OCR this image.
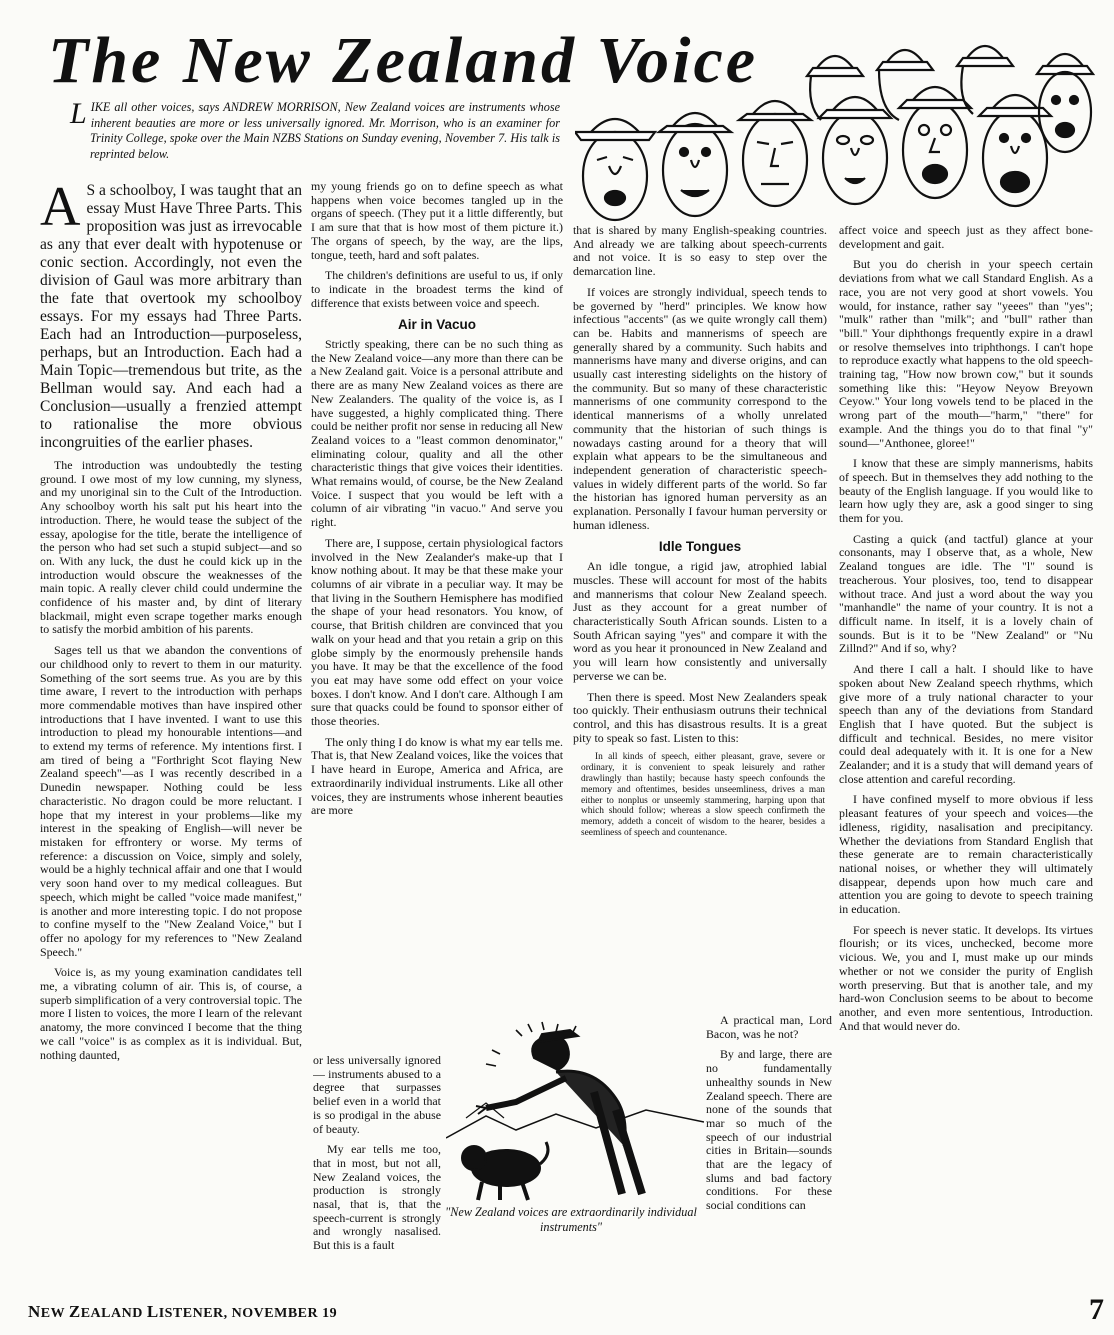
The New Zealand Voice
LIKE all other voices, says ANDREW MORRISON, New Zealand voices are instruments whose inherent beauties are more or less universally ignored. Mr. Morrison, who is an examiner for Trinity College, spoke over the Main NZBS Stations on Sunday evening, November 7. His talk is reprinted below.

A S a schoolboy, I was taught that an essay Must Have Three Parts. This proposition was just as irrevocable as any that ever dealt with hypotenuse or conic section. Accordingly, not even the division of Gaul was more arbitrary than the fate that overtook my schoolboy essays. For my essays had Three Parts. Each had an Introduction—purposeless, perhaps, but an Introduction. Each had a Main Topic—tremendous but trite, as the Bellman would say. And each had a Conclusion—usually a frenzied attempt to rationalise the more obvious incongruities of the earlier phases.

The introduction was undoubtedly the testing ground. I owe most of my low cunning, my slyness, and my unoriginal sin to the Cult of the Introduction. Any schoolboy worth his salt put his heart into the introduction. There, he would tease the subject of the essay, apologise for the title, berate the intelligence of the person who had set such a stupid subject—and so on. With any luck, the dust he could kick up in the introduction would obscure the weaknesses of the main topic. A really clever child could undermine the confidence of his master and, by dint of literary blackmail, might even scrape together marks enough to satisfy the morbid ambition of his parents.

Sages tell us that we abandon the conventions of our childhood only to revert to them in our maturity. Something of the sort seems true. As you are by this time aware, I revert to the introduction with perhaps more commendable motives than have inspired other introductions that I have invented. I want to use this introduction to plead my honourable intentions—and to extend my terms of reference. My intentions first. I am tired of being a "Forthright Scot flaying New Zealand speech"—as I was recently described in a Dunedin newspaper. Nothing could be less characteristic. No dragon could be more reluctant. I hope that my interest in your problems—like my interest in the speaking of English—will never be mistaken for effrontery or worse. My terms of reference: a discussion on Voice, simply and solely, would be a highly technical affair and one that I would very soon hand over to my medical colleagues. But speech, which might be called "voice made manifest," is another and more interesting topic. I do not propose to confine myself to the "New Zealand Voice," but I offer no apology for my references to "New Zealand Speech."

Voice is, as my young examination candidates tell me, a vibrating column of air. This is, of course, a superb simplification of a very controversial topic. The more I listen to voices, the more I learn of the relevant anatomy, the more convinced I become that the thing we call "voice" is as complex as it is individual. But, nothing daunted,

my young friends go on to define speech as what happens when voice becomes tangled up in the organs of speech. (They put it a little differently, but I am sure that that is how most of them picture it.) The organs of speech, by the way, are the lips, tongue, teeth, hard and soft palates.

The children's definitions are useful to us, if only to indicate in the broadest terms the kind of difference that exists between voice and speech.

Air in Vacuo

Strictly speaking, there can be no such thing as the New Zealand voice—any more than there can be a New Zealand gait. Voice is a personal attribute and there are as many New Zealand voices as there are New Zealanders. The quality of the voice is, as I have suggested, a highly complicated thing. There could be neither profit nor sense in reducing all New Zealand voices to a "least common denominator," eliminating colour, quality and all the other characteristic things that give voices their identities. What remains would, of course, be the New Zealand Voice. I suspect that you would be left with a column of air vibrating "in vacuo." And serve you right.

There are, I suppose, certain physiological factors involved in the New Zealander's make-up that I know nothing about. It may be that these make your columns of air vibrate in a peculiar way. It may be that living in the Southern Hemisphere has modified the shape of your head resonators. You know, of course, that British children are convinced that you walk on your head and that you retain a grip on this globe simply by the enormously prehensile hands you have. It may be that the excellence of the food you eat may have some odd effect on your voice boxes. I don't know. And I don't care. Although I am sure that quacks could be found to sponsor either of those theories.

The only thing I do know is what my ear tells me. That is, that New Zealand voices, like the voices that I have heard in Europe, America and Africa, are extraordinarily individual instruments. Like all other voices, they are instruments whose inherent beauties are more

or less universally ignored — instruments abused to a degree that surpasses belief even in a world that is so prodigal in the abuse of beauty.

My ear tells me too, that in most, but not all, New Zealand voices, the production is strongly nasal, that is, that the speech-current is strongly and wrongly nasalised. But this is a fault

that is shared by many English-speaking countries. And already we are talking about speech-currents and not voice. It is so easy to step over the demarcation line.

If voices are strongly individual, speech tends to be governed by "herd" principles. We know how infectious "accents" (as we quite wrongly call them) can be. Habits and mannerisms of speech are generally shared by a community. Such habits and mannerisms have many and diverse origins, and can usually cast interesting sidelights on the history of the community. But so many of these characteristic mannerisms of one community correspond to the identical mannerisms of a wholly unrelated community that the historian of such things is nowadays casting around for a theory that will explain what appears to be the simultaneous and independent generation of characteristic speech-values in widely different parts of the world. So far the historian has ignored human perversity as an explanation. Personally I favour human perversity or human idleness.

Idle Tongues

An idle tongue, a rigid jaw, atrophied labial muscles. These will account for most of the habits and mannerisms that colour New Zealand speech. Just as they account for a great number of characteristically South African sounds. Listen to a South African saying "yes" and compare it with the word as you hear it pronounced in New Zealand and you will learn how consistently and universally perverse we can be.

Then there is speed. Most New Zealanders speak too quickly. Their enthusiasm outruns their technical control, and this has disastrous results. It is a great pity to speak so fast. Listen to this:

In all kinds of speech, either pleasant, grave, severe or ordinary, it is convenient to speak leisurely and rather drawlingly than hastily; because hasty speech confounds the memory and oftentimes, besides unseemliness, drives a man either to nonplus or unseemly stammering, harping upon that which should follow; whereas a slow speech confirmeth the memory, addeth a conceit of wisdom to the hearer, besides a seemliness of speech and countenance.

A practical man, Lord Bacon, was he not?

By and large, there are no fundamentally unhealthy sounds in New Zealand speech. There are none of the sounds that mar so much of the speech of our industrial cities in Britain—sounds that are the legacy of slums and bad factory conditions. For these social conditions can

affect voice and speech just as they affect bone-development and gait.

But you do cherish in your speech certain deviations from what we call Standard English. As a race, you are not very good at short vowels. You would, for instance, rather say "yeees" than "yes"; "mulk" rather than "milk"; and "bull" rather than "bill." Your diphthongs frequently expire in a drawl or resolve themselves into triphthongs. I can't hope to reproduce exactly what happens to the old speech-training tag, "How now brown cow," but it sounds something like this: "Heyow Neyow Breyown Ceyow." Your long vowels tend to be placed in the wrong part of the mouth—"harm," "there" for example. And the things you do to that final "y" sound—"Anthonee, gloree!"

I know that these are simply mannerisms, habits of speech. But in themselves they add nothing to the beauty of the English language. If you would like to learn how ugly they are, ask a good singer to sing them for you.

Casting a quick (and tactful) glance at your consonants, may I observe that, as a whole, New Zealand tongues are idle. The "l" sound is treacherous. Your plosives, too, tend to disappear without trace. And just a word about the way you "manhandle" the name of your country. It is not a difficult name. In itself, it is a lovely chain of sounds. But is it to be "New Zealand" or "Nu Zillnd?" And if so, why?

And there I call a halt. I should like to have spoken about New Zealand speech rhythms, which give more of a truly national character to your speech than any of the deviations from Standard English that I have quoted. But the subject is difficult and technical. Besides, no mere visitor could deal adequately with it. It is one for a New Zealander; and it is a study that will demand years of close attention and careful recording.

I have confined myself to more obvious if less pleasant features of your speech and voices—the idleness, rigidity, nasalisation and precipitancy. Whether the deviations from Standard English that these generate are to remain characteristically national noises, or whether they will ultimately disappear, depends upon how much care and attention you are going to devote to speech training in education.

For speech is never static. It develops. Its virtues flourish; or its vices, unchecked, become more vicious. We, you and I, must make up our minds whether or not we consider the purity of English worth preserving. But that is another tale, and my hard-won Conclusion seems to be about to become another, and even more sententious, Introduction. And that would never do.

"New Zealand voices are extraordinarily individual instruments"
NEW ZEALAND LISTENER, NOVEMBER 19	7
